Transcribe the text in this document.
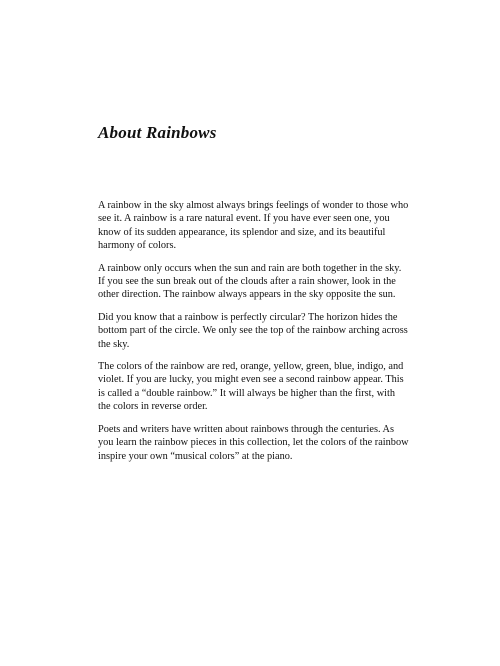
About Rainbows

A rainbow in the sky almost always brings feelings of wonder to those who
see it. A rainbow is a rare natural event. If you have ever seen one, you
know of its sudden appearance, its splendor and size, and its beautiful
harmony of colors.

A rainbow only occurs when the sun and rain are both together in the sky.
If you see the sun break out of the clouds after a rain shower, look in the
other direction. The rainbow always appears in the sky opposite the sun.

Did you know that a rainbow is perfectly circular? The horizon hides the
bottom part of the circle. We only see the top of the rainbow arching across
the sky.

The colors of the rainbow are red, orange, yellow, green, blue, indigo, and
violet. If you are lucky, you might even see a second rainbow appear. This
is called a “double rainbow.” It will always be higher than the first, with
the colors in reverse order.

Poets and writers have written about rainbows through the centuries. As
you learn the rainbow pieces in this collection, let the colors of the rainbow
inspire your own “musical colors” at the piano.
